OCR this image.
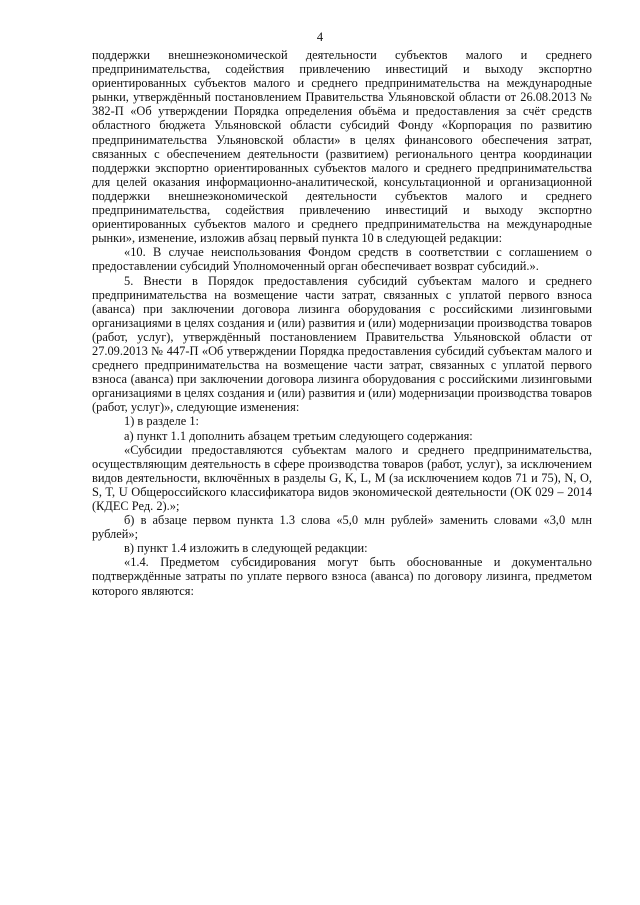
4

поддержки внешнеэкономической деятельности субъектов малого и среднего предпринимательства, содействия привлечению инвестиций и выходу экспортно ориентированных субъектов малого и среднего предпринимательства на международные рынки, утверждённый постановлением Правительства Ульяновской области от 26.08.2013 № 382-П «Об утверждении Порядка определения объёма и предоставления за счёт средств областного бюджета Ульяновской области субсидий Фонду «Корпорация по развитию предпринимательства Ульяновской области» в целях финансового обеспечения затрат, связанных с обеспечением деятельности (развитием) регионального центра координации поддержки экспортно ориентированных субъектов малого и среднего предпринимательства для целей оказания информационно-аналитической, консультационной и организационной поддержки внешнеэкономической деятельности субъектов малого и среднего предпринимательства, содействия привлечению инвестиций и выходу экспортно ориентированных субъектов малого и среднего предпринимательства на международные рынки», изменение, изложив абзац первый пункта 10 в следующей редакции:

«10. В случае неиспользования Фондом средств в соответствии с соглашением о предоставлении субсидий Уполномоченный орган обеспечивает возврат субсидий.».

5. Внести в Порядок предоставления субсидий субъектам малого и среднего предпринимательства на возмещение части затрат, связанных с уплатой первого взноса (аванса) при заключении договора лизинга оборудования с российскими лизинговыми организациями в целях создания и (или) развития и (или) модернизации производства товаров (работ, услуг), утверждённый постановлением Правительства Ульяновской области от 27.09.2013 № 447-П «Об утверждении Порядка предоставления субсидий субъектам малого и среднего предпринимательства на возмещение части затрат, связанных с уплатой первого взноса (аванса) при заключении договора лизинга оборудования с российскими лизинговыми организациями в целях создания и (или) развития и (или) модернизации производства товаров (работ, услуг)», следующие изменения:

1) в разделе 1:

а) пункт 1.1 дополнить абзацем третьим следующего содержания:

«Субсидии предоставляются субъектам малого и среднего предпринимательства, осуществляющим деятельность в сфере производства товаров (работ, услуг), за исключением видов деятельности, включённых в разделы G, K, L, M (за исключением кодов 71 и 75), N, O, S, T, U Общероссийского классификатора видов экономической деятельности (ОК 029 – 2014 (КДЕС Ред. 2).»;

б) в абзаце первом пункта 1.3 слова «5,0 млн рублей» заменить словами «3,0 млн рублей»;

в) пункт 1.4 изложить в следующей редакции:

«1.4. Предметом субсидирования могут быть обоснованные и документально подтверждённые затраты по уплате первого взноса (аванса) по договору лизинга, предметом которого являются:
